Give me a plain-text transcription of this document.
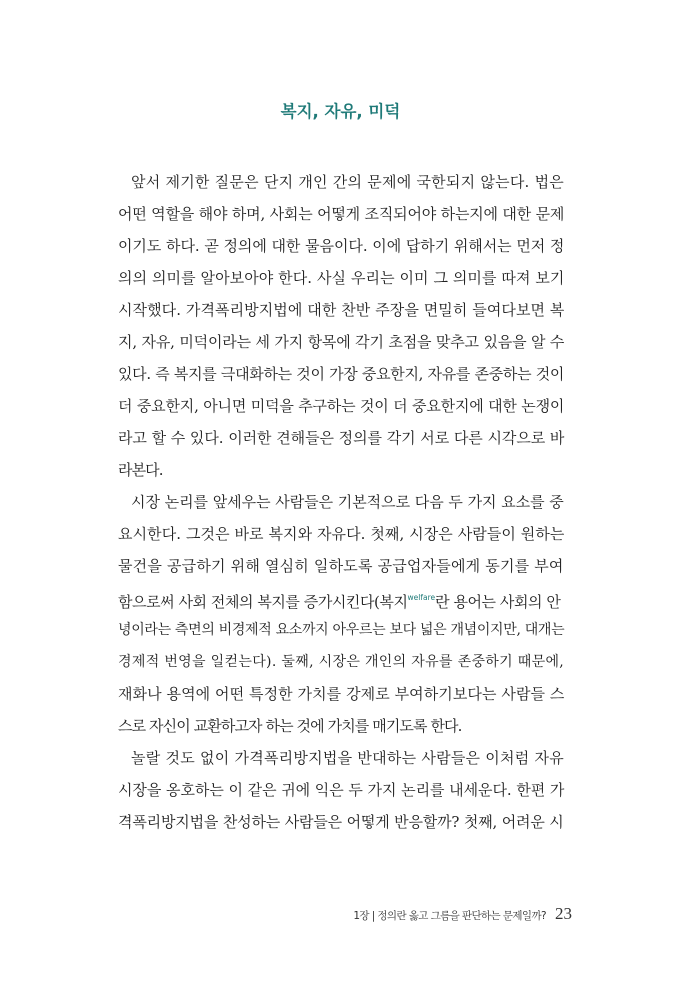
복지, 자유, 미덕
앞서 제기한 질문은 단지 개인 간의 문제에 국한되지 않는다. 법은
어떤 역할을 해야 하며, 사회는 어떻게 조직되어야 하는지에 대한 문제
이기도 하다. 곧 정의에 대한 물음이다. 이에 답하기 위해서는 먼저 정
의의 의미를 알아보아야 한다. 사실 우리는 이미 그 의미를 따져 보기
시작했다. 가격폭리방지법에 대한 찬반 주장을 면밀히 들여다보면 복
지, 자유, 미덕이라는 세 가지 항목에 각기 초점을 맞추고 있음을 알 수
있다. 즉 복지를 극대화하는 것이 가장 중요한지, 자유를 존중하는 것이
더 중요한지, 아니면 미덕을 추구하는 것이 더 중요한지에 대한 논쟁이
라고 할 수 있다. 이러한 견해들은 정의를 각기 서로 다른 시각으로 바
라본다.
시장 논리를 앞세우는 사람들은 기본적으로 다음 두 가지 요소를 중
요시한다. 그것은 바로 복지와 자유다. 첫째, 시장은 사람들이 원하는
물건을 공급하기 위해 열심히 일하도록 공급업자들에게 동기를 부여
함으로써 사회 전체의 복지를 증가시킨다(복지$^{welfare}$란 용어는 사회의 안
녕이라는 측면의 비경제적 요소까지 아우르는 보다 넓은 개념이지만, 대개는
경제적 번영을 일컫는다). 둘째, 시장은 개인의 자유를 존중하기 때문에,
재화나 용역에 어떤 특정한 가치를 강제로 부여하기보다는 사람들 스
스로 자신이 교환하고자 하는 것에 가치를 매기도록 한다.
놀랄 것도 없이 가격폭리방지법을 반대하는 사람들은 이처럼 자유
시장을 옹호하는 이 같은 귀에 익은 두 가지 논리를 내세운다. 한편 가
격폭리방지법을 찬성하는 사람들은 어떻게 반응할까? 첫째, 어려운 시
1장 | 정의란 옳고 그름을 판단하는 문제일까? 23
